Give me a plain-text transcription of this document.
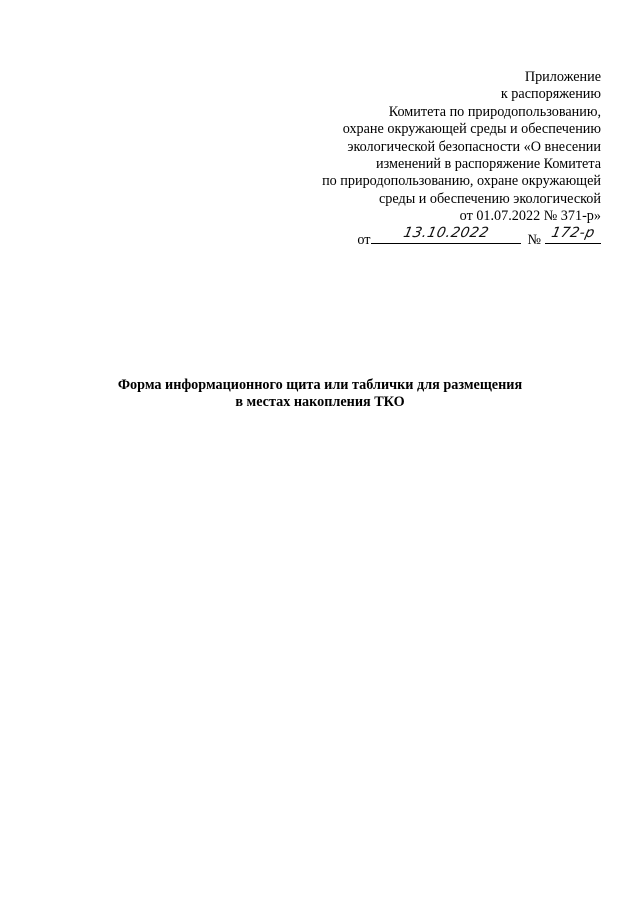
Приложение
к распоряжению
Комитета по природопользованию,
охране окружающей среды и обеспечению
экологической безопасности «О внесении
изменений в распоряжение Комитета
по природопользованию, охране окружающей
среды и обеспечению экологической
от 01.07.2022 № 371-р»
от	13.10.2022	№ 172-р
Форма информационного щита или таблички для размещения
в местах накопления ТКО
